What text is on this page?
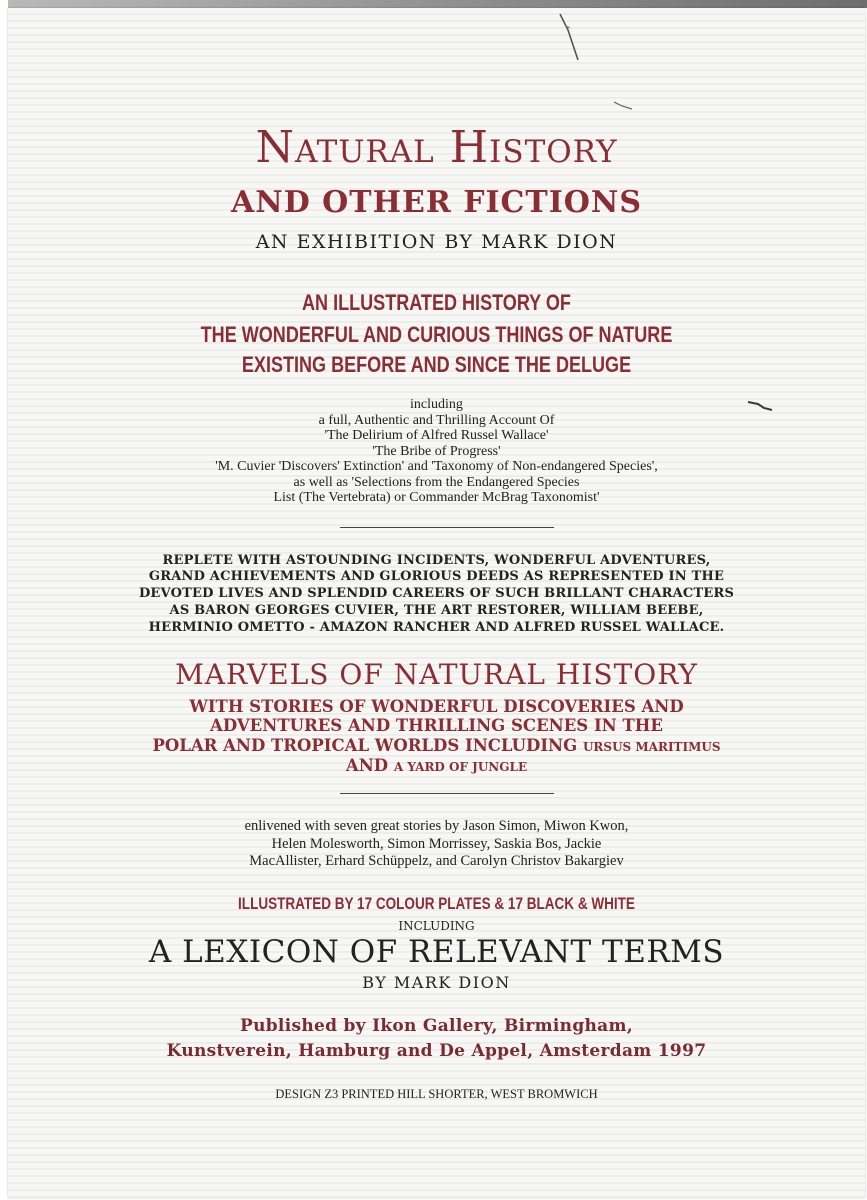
Natural History
AND OTHER FICTIONS
AN EXHIBITION BY MARK DION
AN ILLUSTRATED HISTORY OF
THE WONDERFUL AND CURIOUS THINGS OF NATURE
EXISTING BEFORE AND SINCE THE DELUGE
including
a full, Authentic and Thrilling Account Of
'The Delirium of Alfred Russel Wallace'
'The Bribe of Progress'
'M. Cuvier 'Discovers' Extinction' and 'Taxonomy of Non-endangered Species',
as well as 'Selections from the Endangered Species
List (The Vertebrata) or Commander McBrag Taxonomist'
REPLETE WITH ASTOUNDING INCIDENTS, WONDERFUL ADVENTURES,
GRAND ACHIEVEMENTS AND GLORIOUS DEEDS AS REPRESENTED IN THE
DEVOTED LIVES AND SPLENDID CAREERS OF SUCH BRILLANT CHARACTERS
AS BARON GEORGES CUVIER, THE ART RESTORER, WILLIAM BEEBE,
HERMINIO OMETTO - AMAZON RANCHER AND ALFRED RUSSEL WALLACE.
MARVELS OF NATURAL HISTORY
WITH STORIES OF WONDERFUL DISCOVERIES AND
ADVENTURES AND THRILLING SCENES IN THE
POLAR AND TROPICAL WORLDS INCLUDING URSUS MARITIMUS
AND A YARD OF JUNGLE
enlivened with seven great stories by Jason Simon, Miwon Kwon,
Helen Molesworth, Simon Morrissey, Saskia Bos, Jackie
MacAllister, Erhard Schüppelz, and Carolyn Christov Bakargiev
ILLUSTRATED BY 17 COLOUR PLATES & 17 BLACK & WHITE
INCLUDING
A LEXICON OF RELEVANT TERMS
BY MARK DION
Published by Ikon Gallery, Birmingham,
Kunstverein, Hamburg and De Appel, Amsterdam 1997
DESIGN Z3 PRINTED HILL SHORTER, WEST BROMWICH
